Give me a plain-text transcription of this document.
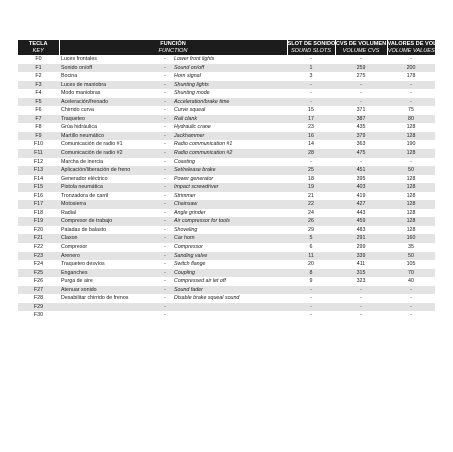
TECLA	FUNCIÓN			SLOT DE SONIDO	CVS DE VOLUMEN	VALORES DE VOLUMEN
KEY	FUNCTION			SOUND SLOTS	VOLUME CVS	VOLUME VALUES
F0	Luces frontales	-	Lower front lights	-	-	-
F1	Sonido on/off	-	Sound on/off	1	259	200
F2	Bocina	-	Horn signal	3	275	178
F3	Luces de maniobra	-	Shunting lights	-	-	-
F4	Modo maniobras	-	Shunting mode	-	-	-
F5	Aceleración/frenado	-	Acceleration/brake time	-	-	-
F6	Chirrido curva	-	Curve squeal	15	371	75
F7	Traqueteo	-	Rail clank	17	387	80
F8	Grúa hidráulica	-	Hydraulic crane	23	435	128
F9	Martillo neumático	-	Jackhammer	16	379	128
F10	Comunicación de radio #1	-	Radio communication #1	14	363	190
F11	Comunicación de radio #2	-	Radio communication #2	28	475	128
F12	Marcha de inercia	-	Coasting	-	-	-
F13	Aplicación/liberación de freno	-	Set/release brake	25	451	50
F14	Generador eléctrico	-	Power generator	18	395	128
F15	Pistola neumática	-	Impact screwdriver	19	403	128
F16	Tronzadora de carril	-	Strimmer	21	419	128
F17	Motosierra	-	Chainsaw	22	427	128
F18	Radial	-	Angle grinder	24	443	128
F19	Compresor de trabajo	-	Air compressor for tools	26	459	128
F20	Paladas de balasto	-	Shoveling	29	483	128
F21	Claxon	-	Car horn	5	291	160
F22	Compresor	-	Compressor	6	299	35
F23	Arenero	-	Sanding valve	11	339	50
F24	Traqueteo desvíos	-	Switch flange	20	411	105
F25	Enganches	-	Coupling	8	315	70
F26	Purga de aire	-	Compressed air let off	9	323	40
F27	Atenuar sonido	-	Sound fader	-	-	-
F28	Desabilitar chirrido de frenos	-	Disable brake squeal sound	-	-	-
F29		-		-	-	-
F30		-		-	-	-
